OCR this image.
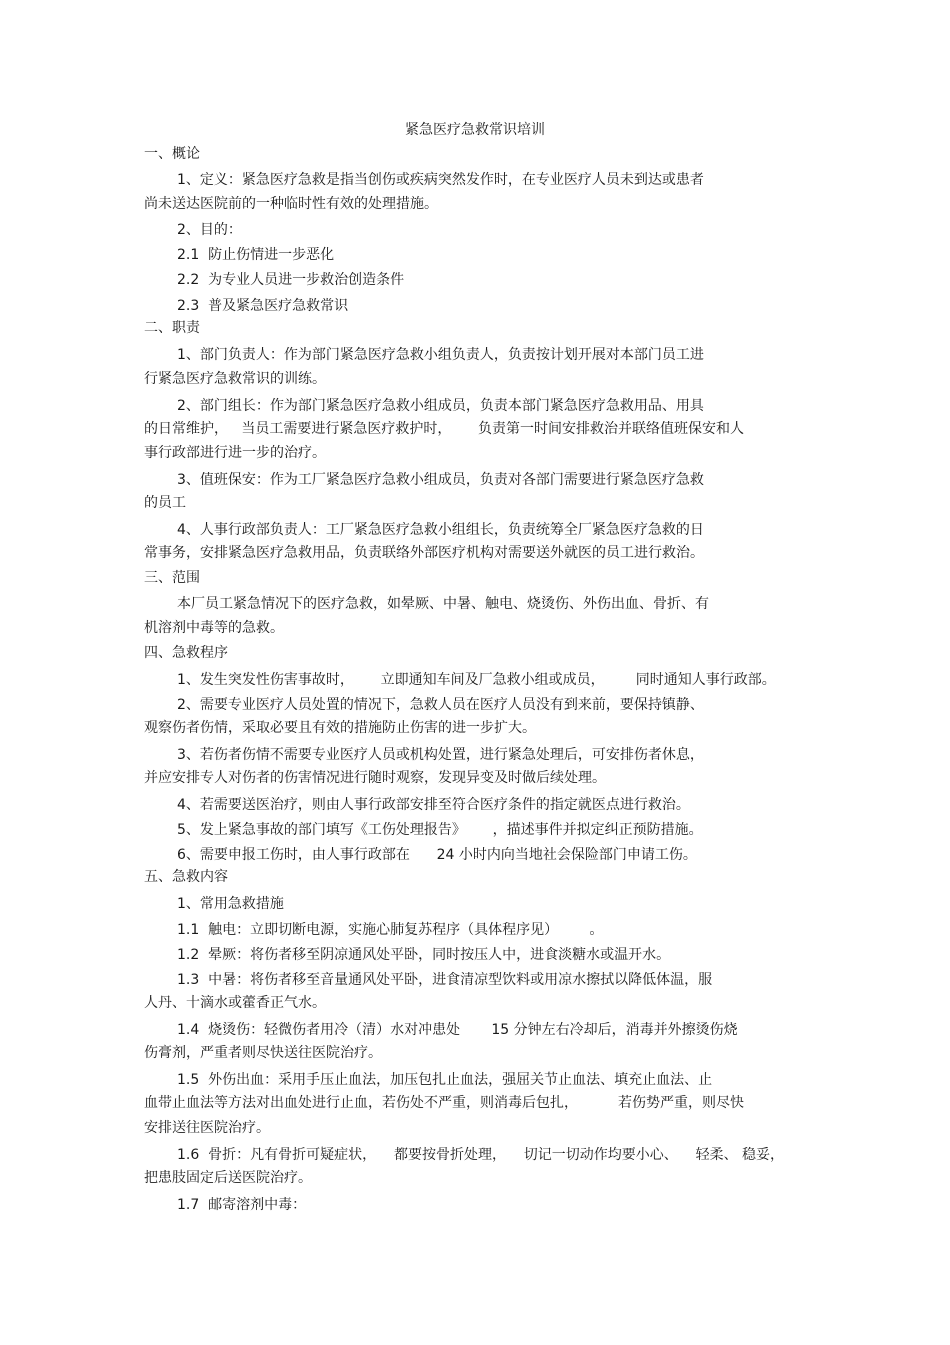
紧急医疗急救常识培训
一、概论
1、定义：紧急医疗急救是指当创伤或疾病突然发作时，在专业医疗人员未到达或患者
尚未送达医院前的一种临时性有效的处理措施。
2、目的：
2.1  防止伤情进一步恶化
2.2  为专业人员进一步救治创造条件
2.3  普及紧急医疗急救常识
二、职责
1、部门负责人：作为部门紧急医疗急救小组负责人，负责按计划开展对本部门员工进
行紧急医疗急救常识的训练。
2、部门组长：作为部门紧急医疗急救小组成员，负责本部门紧急医疗急救用品、用具
的日常维护，   当员工需要进行紧急医疗救护时，      负责第一时间安排救治并联络值班保安和人
事行政部进行进一步的治疗。
3、值班保安：作为工厂紧急医疗急救小组成员，负责对各部门需要进行紧急医疗急救
的员工
4、人事行政部负责人：工厂紧急医疗急救小组组长，负责统筹全厂紧急医疗急救的日
常事务，安排紧急医疗急救用品，负责联络外部医疗机构对需要送外就医的员工进行救治。
三、范围
本厂员工紧急情况下的医疗急救，如晕厥、中暑、触电、烧烫伤、外伤出血、骨折、有
机溶剂中毒等的急救。
四、急救程序
1、发生突发性伤害事故时，      立即通知车间及厂急救小组或成员，       同时通知人事行政部。
2、需要专业医疗人员处置的情况下，急救人员在医疗人员没有到来前，要保持镇静、
观察伤者伤情，采取必要且有效的措施防止伤害的进一步扩大。
3、若伤者伤情不需要专业医疗人员或机构处置，进行紧急处理后，可安排伤者休息，
并应安排专人对伤者的伤害情况进行随时观察，发现异变及时做后续处理。
4、若需要送医治疗，则由人事行政部安排至符合医疗条件的指定就医点进行救治。
5、发上紧急事故的部门填写《工伤处理报告》      ，描述事件并拟定纠正预防措施。
6、需要申报工伤时，由人事行政部在      24 小时内向当地社会保险部门申请工伤。
五、急救内容
1、常用急救措施
1.1  触电：立即切断电源，实施心肺复苏程序（具体程序见）       。
1.2  晕厥：将伤者移至阴凉通风处平卧，同时按压人中，进食淡糖水或温开水。
1.3  中暑：将伤者移至音量通风处平卧，进食清凉型饮料或用凉水擦拭以降低体温，服
人丹、十滴水或藿香正气水。
1.4  烧烫伤：轻微伤者用冷（清）水对冲患处       15 分钟左右冷却后，消毒并外擦烫伤烧
伤膏剂，严重者则尽快送往医院治疗。
1.5  外伤出血：采用手压止血法，加压包扎止血法，强屈关节止血法、填充止血法、止
血带止血法等方法对出血处进行止血，若伤处不严重，则消毒后包扎，         若伤势严重，则尽快
安排送往医院治疗。
1.6  骨折：凡有骨折可疑症状，    都要按骨折处理，    切记一切动作均要小心、    轻柔、 稳妥，
把患肢固定后送医院治疗。
1.7  邮寄溶剂中毒：
